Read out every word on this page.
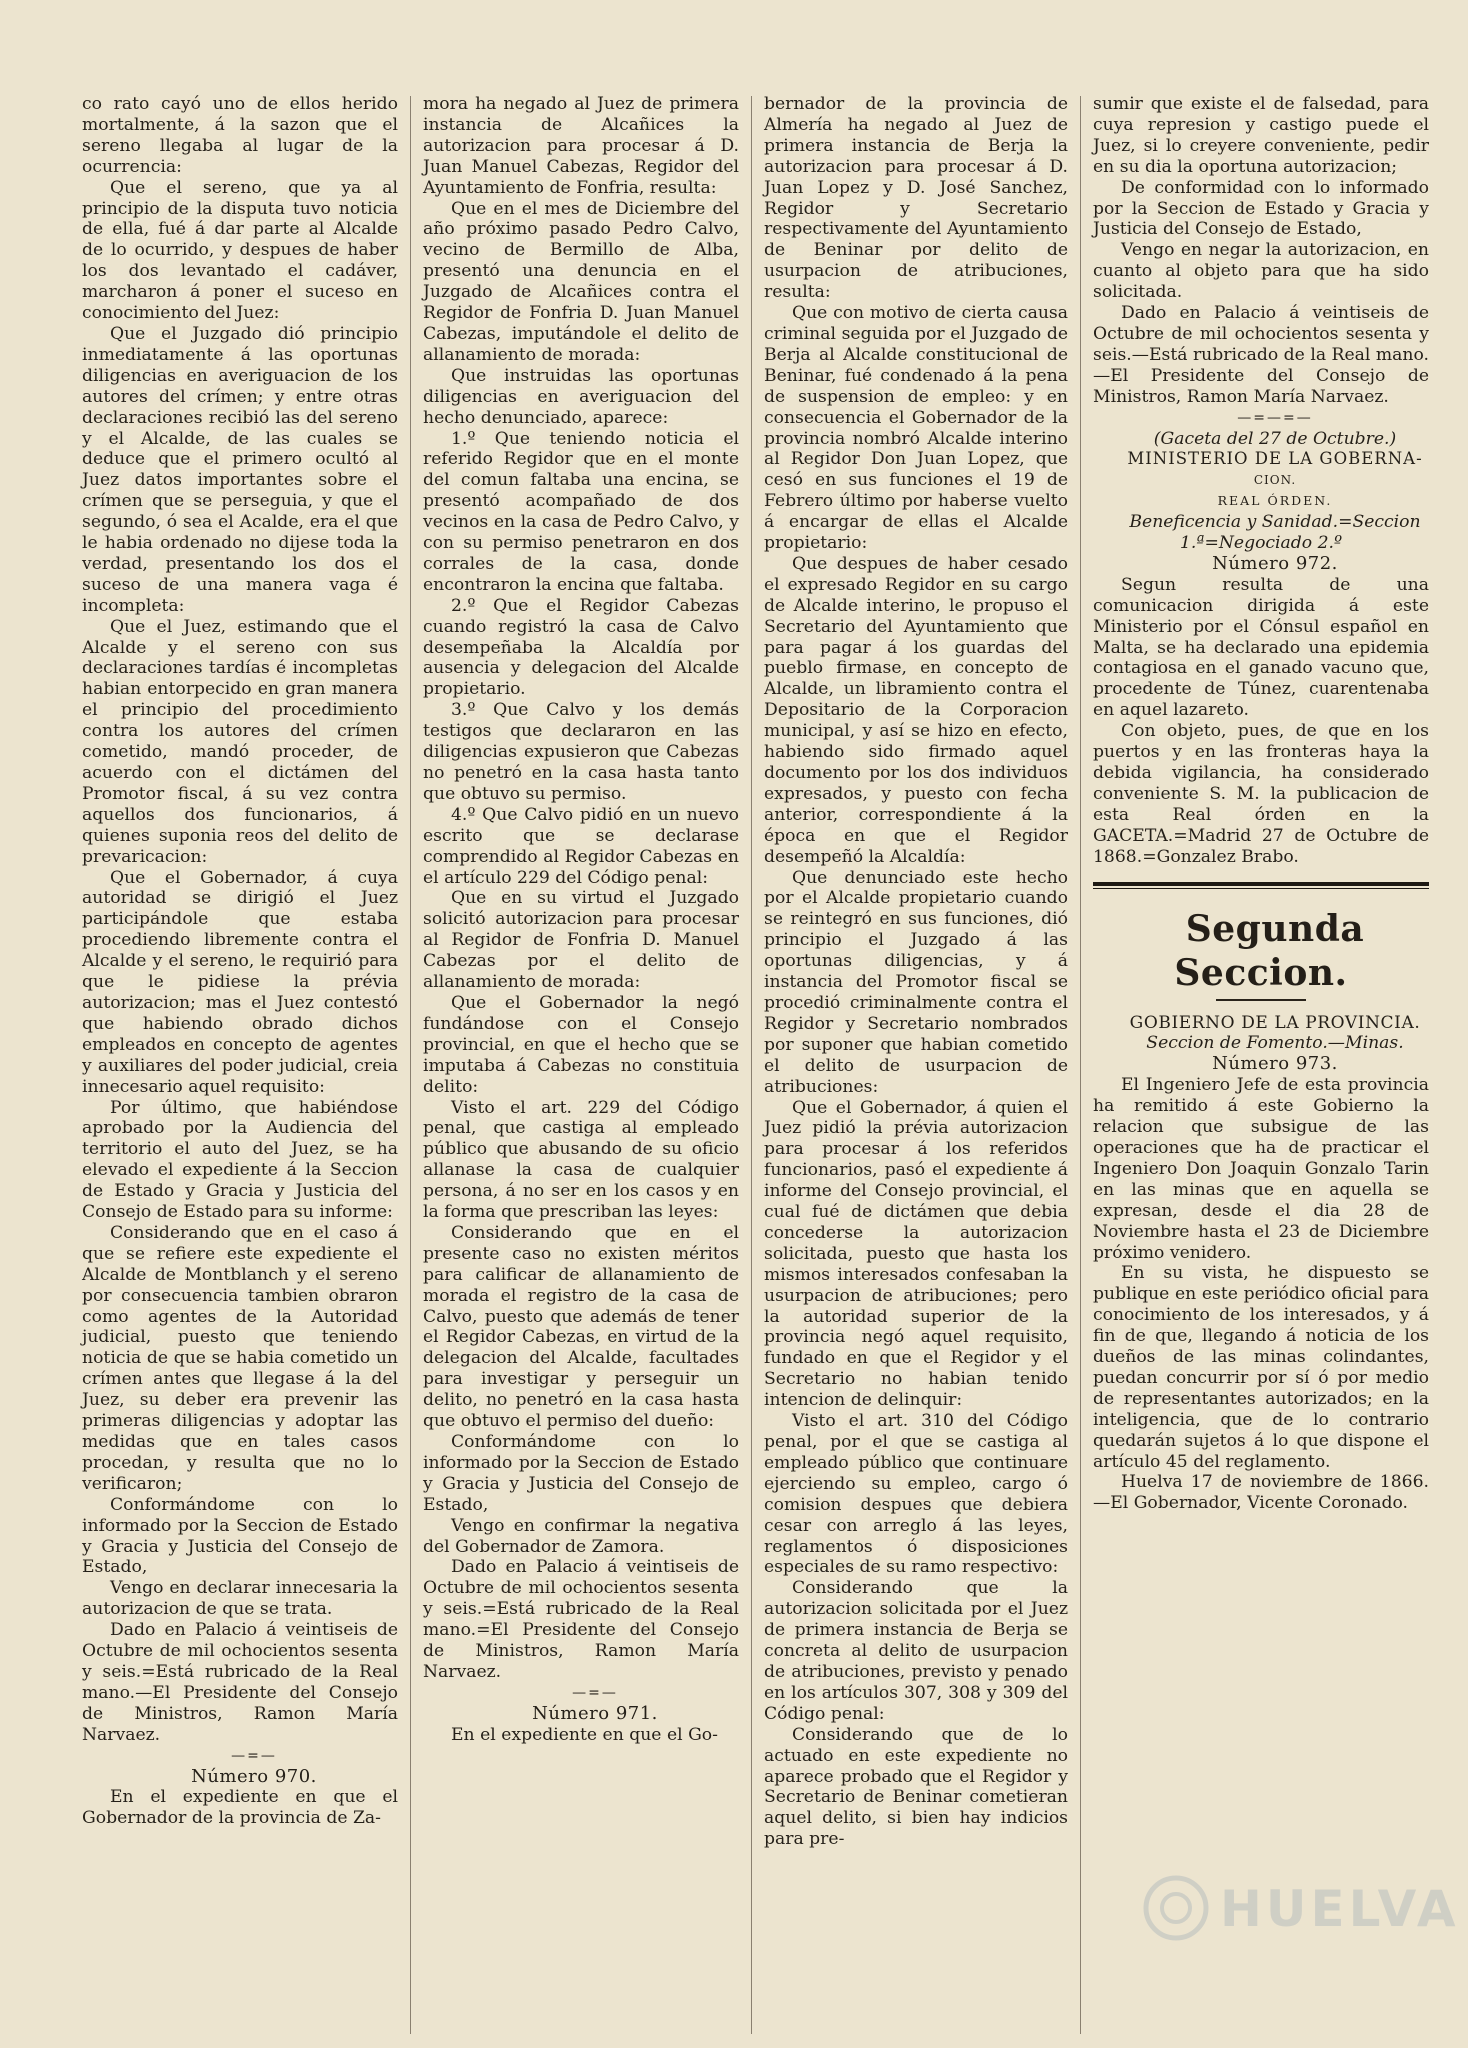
co rato cayó uno de ellos herido mortalmente, á la sazon que el sereno llegaba al lugar de la ocurrencia:

Que el sereno, que ya al principio de la disputa tuvo noticia de ella, fué á dar parte al Alcalde de lo ocurrido, y despues de haber los dos levantado el cadáver, marcharon á poner el suceso en conocimiento del Juez:

Que el Juzgado dió principio inmediatamente á las oportunas diligencias en averiguacion de los autores del crímen; y entre otras declaraciones recibió las del sereno y el Alcalde, de las cuales se deduce que el primero ocultó al Juez datos importantes sobre el crímen que se perseguia, y que el segundo, ó sea el Acalde, era el que le habia ordenado no dijese toda la verdad, presentando los dos el suceso de una manera vaga é incompleta:

Que el Juez, estimando que el Alcalde y el sereno con sus declaraciones tardías é incompletas habian entorpecido en gran manera el principio del procedimiento contra los autores del crímen cometido, mandó proceder, de acuerdo con el dictámen del Promotor fiscal, á su vez contra aquellos dos funcionarios, á quienes suponia reos del delito de prevaricacion:

Que el Gobernador, á cuya autoridad se dirigió el Juez participándole que estaba procediendo libremente contra el Alcalde y el sereno, le requirió para que le pidiese la prévia autorizacion; mas el Juez contestó que habiendo obrado dichos empleados en concepto de agentes y auxiliares del poder judicial, creia innecesario aquel requisito:

Por último, que habiéndose aprobado por la Audiencia del territorio el auto del Juez, se ha elevado el expediente á la Seccion de Estado y Gracia y Justicia del Consejo de Estado para su informe:

Considerando que en el caso á que se refiere este expediente el Alcalde de Montblanch y el sereno por consecuencia tambien obraron como agentes de la Autoridad judicial, puesto que teniendo noticia de que se habia cometido un crímen antes que llegase á la del Juez, su deber era prevenir las primeras diligencias y adoptar las medidas que en tales casos procedan, y resulta que no lo verificaron;

Conformándome con lo informado por la Seccion de Estado y Gracia y Justicia del Consejo de Estado,

Vengo en declarar innecesaria la autorizacion de que se trata.

Dado en Palacio á veintiseis de Octubre de mil ochocientos sesenta y seis.=Está rubricado de la Real mano.—El Presidente del Consejo de Ministros, Ramon María Narvaez.

—=—

Número 970.

En el expediente en que el Gobernador de la provincia de Za-

mora ha negado al Juez de primera instancia de Alcañices la autorizacion para procesar á D. Juan Manuel Cabezas, Regidor del Ayuntamiento de Fonfria, resulta:

Que en el mes de Diciembre del año próximo pasado Pedro Calvo, vecino de Bermillo de Alba, presentó una denuncia en el Juzgado de Alcañices contra el Regidor de Fonfria D. Juan Manuel Cabezas, imputándole el delito de allanamiento de morada:

Que instruidas las oportunas diligencias en averiguacion del hecho denunciado, aparece:

1.º Que teniendo noticia el referido Regidor que en el monte del comun faltaba una encina, se presentó acompañado de dos vecinos en la casa de Pedro Calvo, y con su permiso penetraron en dos corrales de la casa, donde encontraron la encina que faltaba.

2.º Que el Regidor Cabezas cuando registró la casa de Calvo desempeñaba la Alcaldía por ausencia y delegacion del Alcalde propietario.

3.º Que Calvo y los demás testigos que declararon en las diligencias expusieron que Cabezas no penetró en la casa hasta tanto que obtuvo su permiso.

4.º Que Calvo pidió en un nuevo escrito que se declarase comprendido al Regidor Cabezas en el artículo 229 del Código penal:

Que en su virtud el Juzgado solicitó autorizacion para procesar al Regidor de Fonfria D. Manuel Cabezas por el delito de allanamiento de morada:

Que el Gobernador la negó fundándose con el Consejo provincial, en que el hecho que se imputaba á Cabezas no constituia delito:

Visto el art. 229 del Código penal, que castiga al empleado público que abusando de su oficio allanase la casa de cualquier persona, á no ser en los casos y en la forma que prescriban las leyes:

Considerando que en el presente caso no existen méritos para calificar de allanamiento de morada el registro de la casa de Calvo, puesto que además de tener el Regidor Cabezas, en virtud de la delegacion del Alcalde, facultades para investigar y perseguir un delito, no penetró en la casa hasta que obtuvo el permiso del dueño:

Conformándome con lo informado por la Seccion de Estado y Gracia y Justicia del Consejo de Estado,

Vengo en confirmar la negativa del Gobernador de Zamora.

Dado en Palacio á veintiseis de Octubre de mil ochocientos sesenta y seis.=Está rubricado de la Real mano.=El Presidente del Consejo de Ministros, Ramon María Narvaez.

—=—

Número 971.

En el expediente en que el Go-

bernador de la provincia de Almería ha negado al Juez de primera instancia de Berja la autorizacion para procesar á D. Juan Lopez y D. José Sanchez, Regidor y Secretario respectivamente del Ayuntamiento de Beninar por delito de usurpacion de atribuciones, resulta:

Que con motivo de cierta causa criminal seguida por el Juzgado de Berja al Alcalde constitucional de Beninar, fué condenado á la pena de suspension de empleo: y en consecuencia el Gobernador de la provincia nombró Alcalde interino al Regidor Don Juan Lopez, que cesó en sus funciones el 19 de Febrero último por haberse vuelto á encargar de ellas el Alcalde propietario:

Que despues de haber cesado el expresado Regidor en su cargo de Alcalde interino, le propuso el Secretario del Ayuntamiento que para pagar á los guardas del pueblo firmase, en concepto de Alcalde, un libramiento contra el Depositario de la Corporacion municipal, y así se hizo en efecto, habiendo sido firmado aquel documento por los dos individuos expresados, y puesto con fecha anterior, correspondiente á la época en que el Regidor desempeñó la Alcaldía:

Que denunciado este hecho por el Alcalde propietario cuando se reintegró en sus funciones, dió principio el Juzgado á las oportunas diligencias, y á instancia del Promotor fiscal se procedió criminalmente contra el Regidor y Secretario nombrados por suponer que habian cometido el delito de usurpacion de atribuciones:

Que el Gobernador, á quien el Juez pidió la prévia autorizacion para procesar á los referidos funcionarios, pasó el expediente á informe del Consejo provincial, el cual fué de dictámen que debia concederse la autorizacion solicitada, puesto que hasta los mismos interesados confesaban la usurpacion de atribuciones; pero la autoridad superior de la provincia negó aquel requisito, fundado en que el Regidor y el Secretario no habian tenido intencion de delinquir:

Visto el art. 310 del Código penal, por el que se castiga al empleado público que continuare ejerciendo su empleo, cargo ó comision despues que debiera cesar con arreglo á las leyes, reglamentos ó disposiciones especiales de su ramo respectivo:

Considerando que la autorizacion solicitada por el Juez de primera instancia de Berja se concreta al delito de usurpacion de atribuciones, previsto y penado en los artículos 307, 308 y 309 del Código penal:

Considerando que de lo actuado en este expediente no aparece probado que el Regidor y Secretario de Beninar cometieran aquel delito, si bien hay indicios para pre-

sumir que existe el de falsedad, para cuya represion y castigo puede el Juez, si lo creyere conveniente, pedir en su dia la oportuna autorizacion;

De conformidad con lo informado por la Seccion de Estado y Gracia y Justicia del Consejo de Estado,

Vengo en negar la autorizacion, en cuanto al objeto para que ha sido solicitada.

Dado en Palacio á veintiseis de Octubre de mil ochocientos sesenta y seis.—Está rubricado de la Real mano.—El Presidente del Consejo de Ministros, Ramon María Narvaez.

—=—=—

(Gaceta del 27 de Octubre.)

MINISTERIO DE LA GOBERNA-

CION.

REAL ÓRDEN.

Beneficencia y Sanidad.=Seccion 1.ª=Negociado 2.º

Número 972.

Segun resulta de una comunicacion dirigida á este Ministerio por el Cónsul español en Malta, se ha declarado una epidemia contagiosa en el ganado vacuno que, procedente de Túnez, cuarentenaba en aquel lazareto.

Con objeto, pues, de que en los puertos y en las fronteras haya la debida vigilancia, ha considerado conveniente S. M. la publicacion de esta Real órden en la GACETA.=Madrid 27 de Octubre de 1868.=Gonzalez Brabo.

Segunda Seccion.

GOBIERNO DE LA PROVINCIA.

Seccion de Fomento.—Minas.

Número 973.

El Ingeniero Jefe de esta provincia ha remitido á este Gobierno la relacion que subsigue de las operaciones que ha de practicar el Ingeniero Don Joaquin Gonzalo Tarin en las minas que en aquella se expresan, desde el dia 28 de Noviembre hasta el 23 de Diciembre próximo venidero.

En su vista, he dispuesto se publique en este periódico oficial para conocimiento de los interesados, y á fin de que, llegando á noticia de los dueños de las minas colindantes, puedan concurrir por sí ó por medio de representantes autorizados; en la inteligencia, que de lo contrario quedarán sujetos á lo que dispone el artículo 45 del reglamento.

Huelva 17 de noviembre de 1866.—El Gobernador, Vicente Coronado.

HUELVA
